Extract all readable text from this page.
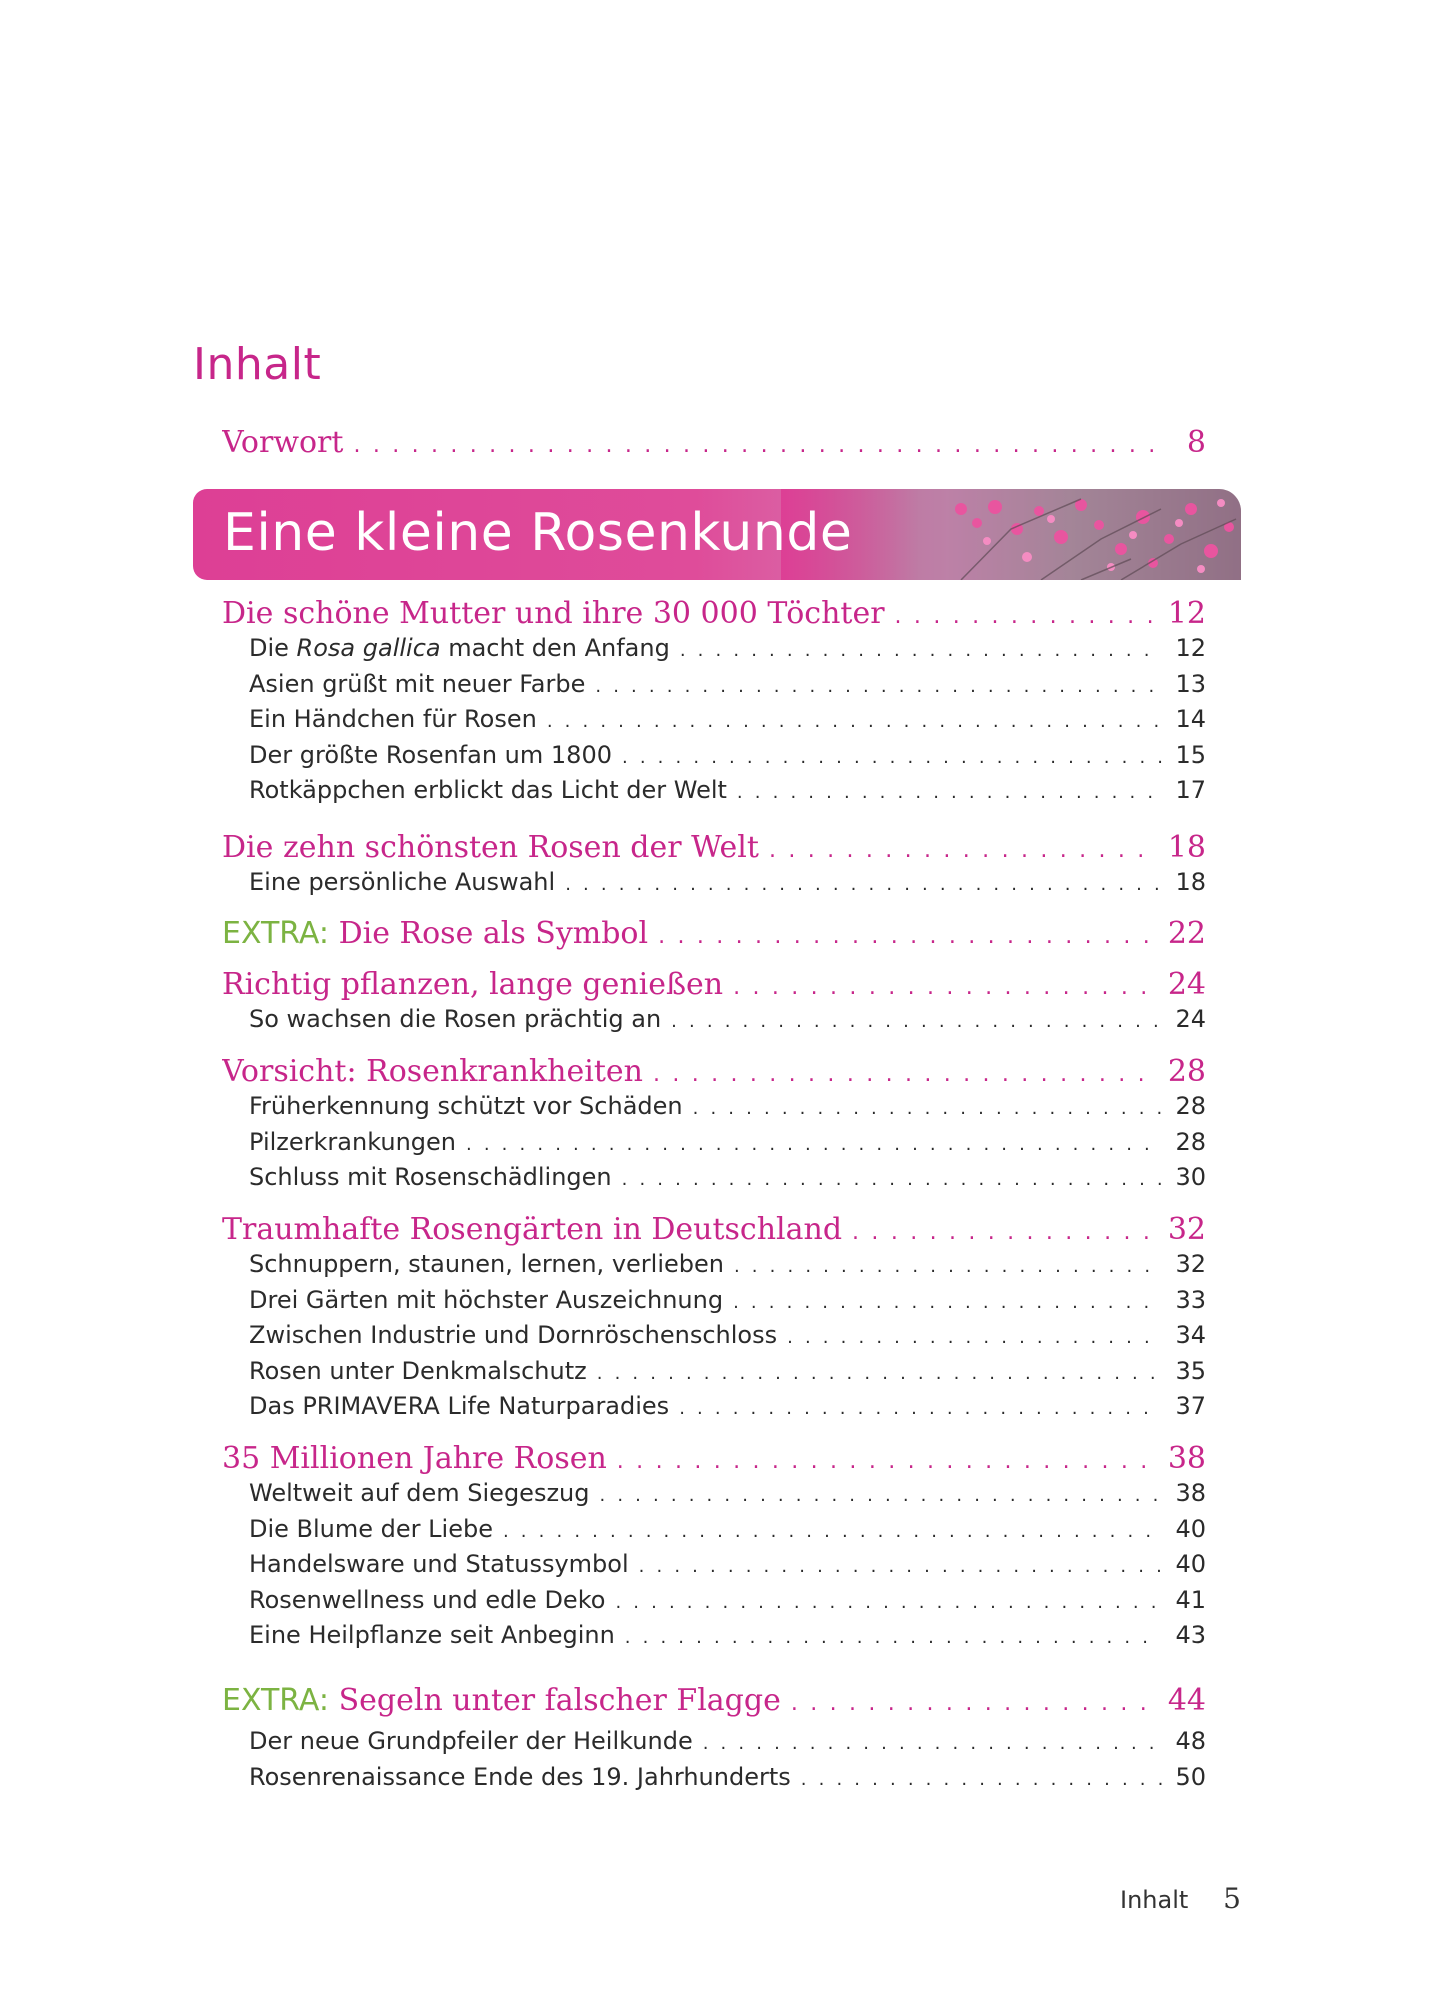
Inhalt
Vorwort . . .	8
Eine kleine Rosenkunde
Die schöne Mutter und ihre 30 000 Töchter . . .	12
Die Rosa gallica macht den Anfang . . .	12
Asien grüßt mit neuer Farbe . . .	13
Ein Händchen für Rosen . . .	14
Der größte Rosenfan um 1800 . . .	15
Rotkäppchen erblickt das Licht der Welt . . .	17
Die zehn schönsten Rosen der Welt . . .	18
Eine persönliche Auswahl . . .	18
EXTRA: Die Rose als Symbol . . .	22
Richtig pflanzen, lange genießen . . .	24
So wachsen die Rosen prächtig an . . .	24
Vorsicht: Rosenkrankheiten . . .	28
Früherkennung schützt vor Schäden . . .	28
Pilzerkrankungen . . .	28
Schluss mit Rosenschädlingen . . .	30
Traumhafte Rosengärten in Deutschland . . .	32
Schnuppern, staunen, lernen, verlieben . . .	32
Drei Gärten mit höchster Auszeichnung . . .	33
Zwischen Industrie und Dornröschenschloss . . .	34
Rosen unter Denkmalschutz . . .	35
Das PRIMAVERA Life Naturparadies . . .	37
35 Millionen Jahre Rosen . . .	38
Weltweit auf dem Siegeszug . . .	38
Die Blume der Liebe . . .	40
Handelsware und Statussymbol . . .	40
Rosenwellness und edle Deko . . .	41
Eine Heilpflanze seit Anbeginn . . .	43
EXTRA: Segeln unter falscher Flagge . . .	44
Der neue Grundpfeiler der Heilkunde . . .	48
Rosenrenaissance Ende des 19. Jahrhunderts . . .	50
Inhalt 5
